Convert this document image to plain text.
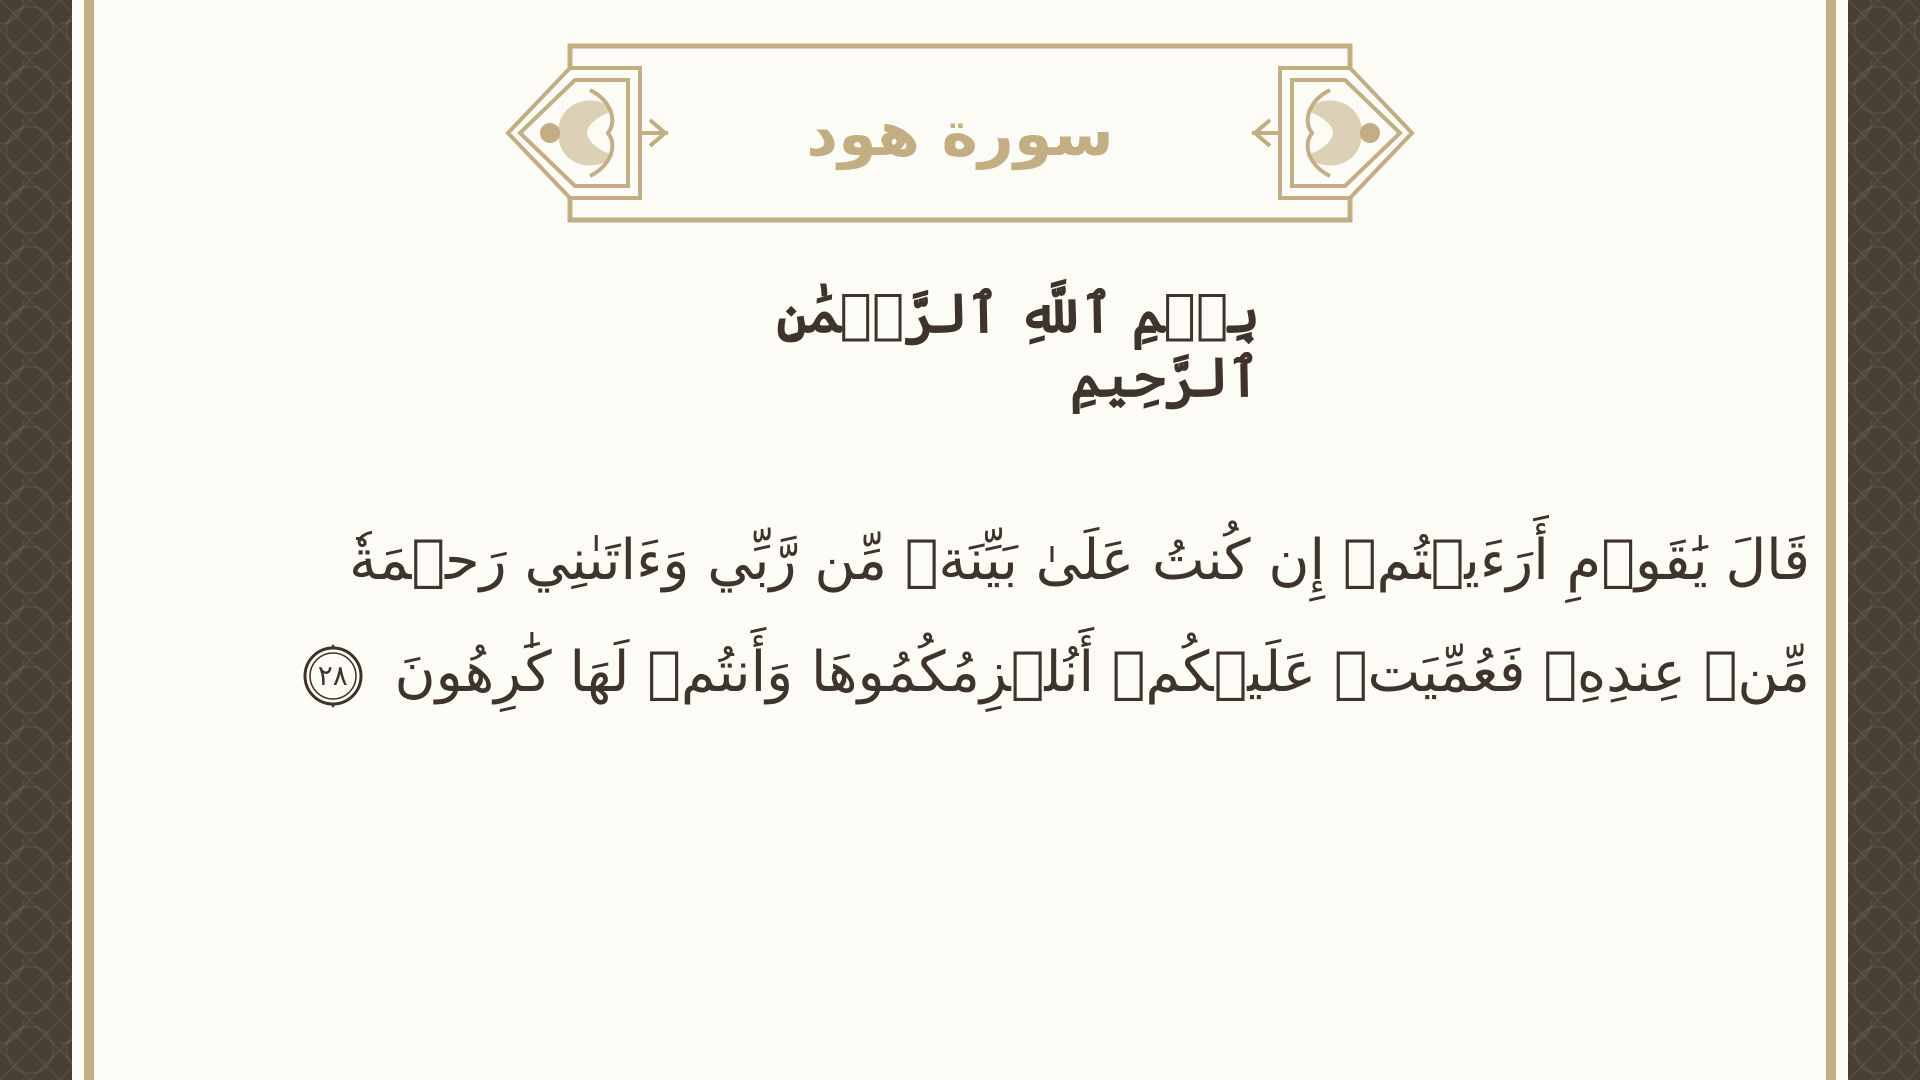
سورة هود
بِسۡمِ ٱللَّهِ ٱلرَّحۡمَٰنِ ٱلرَّحِيمِ
قَالَ يَٰقَوۡمِ أَرَءَيۡتُمۡ إِن كُنتُ عَلَىٰ بَيِّنَةٖ مِّن رَّبِّي وَءَاتَىٰنِي رَحۡمَةٗ مِّنۡ عِندِهِۦ فَعُمِّيَتۡ عَلَيۡكُمۡ أَنُلۡزِمُكُمُوهَا وَأَنتُمۡ لَهَا كَٰرِهُونَ
٢٨
